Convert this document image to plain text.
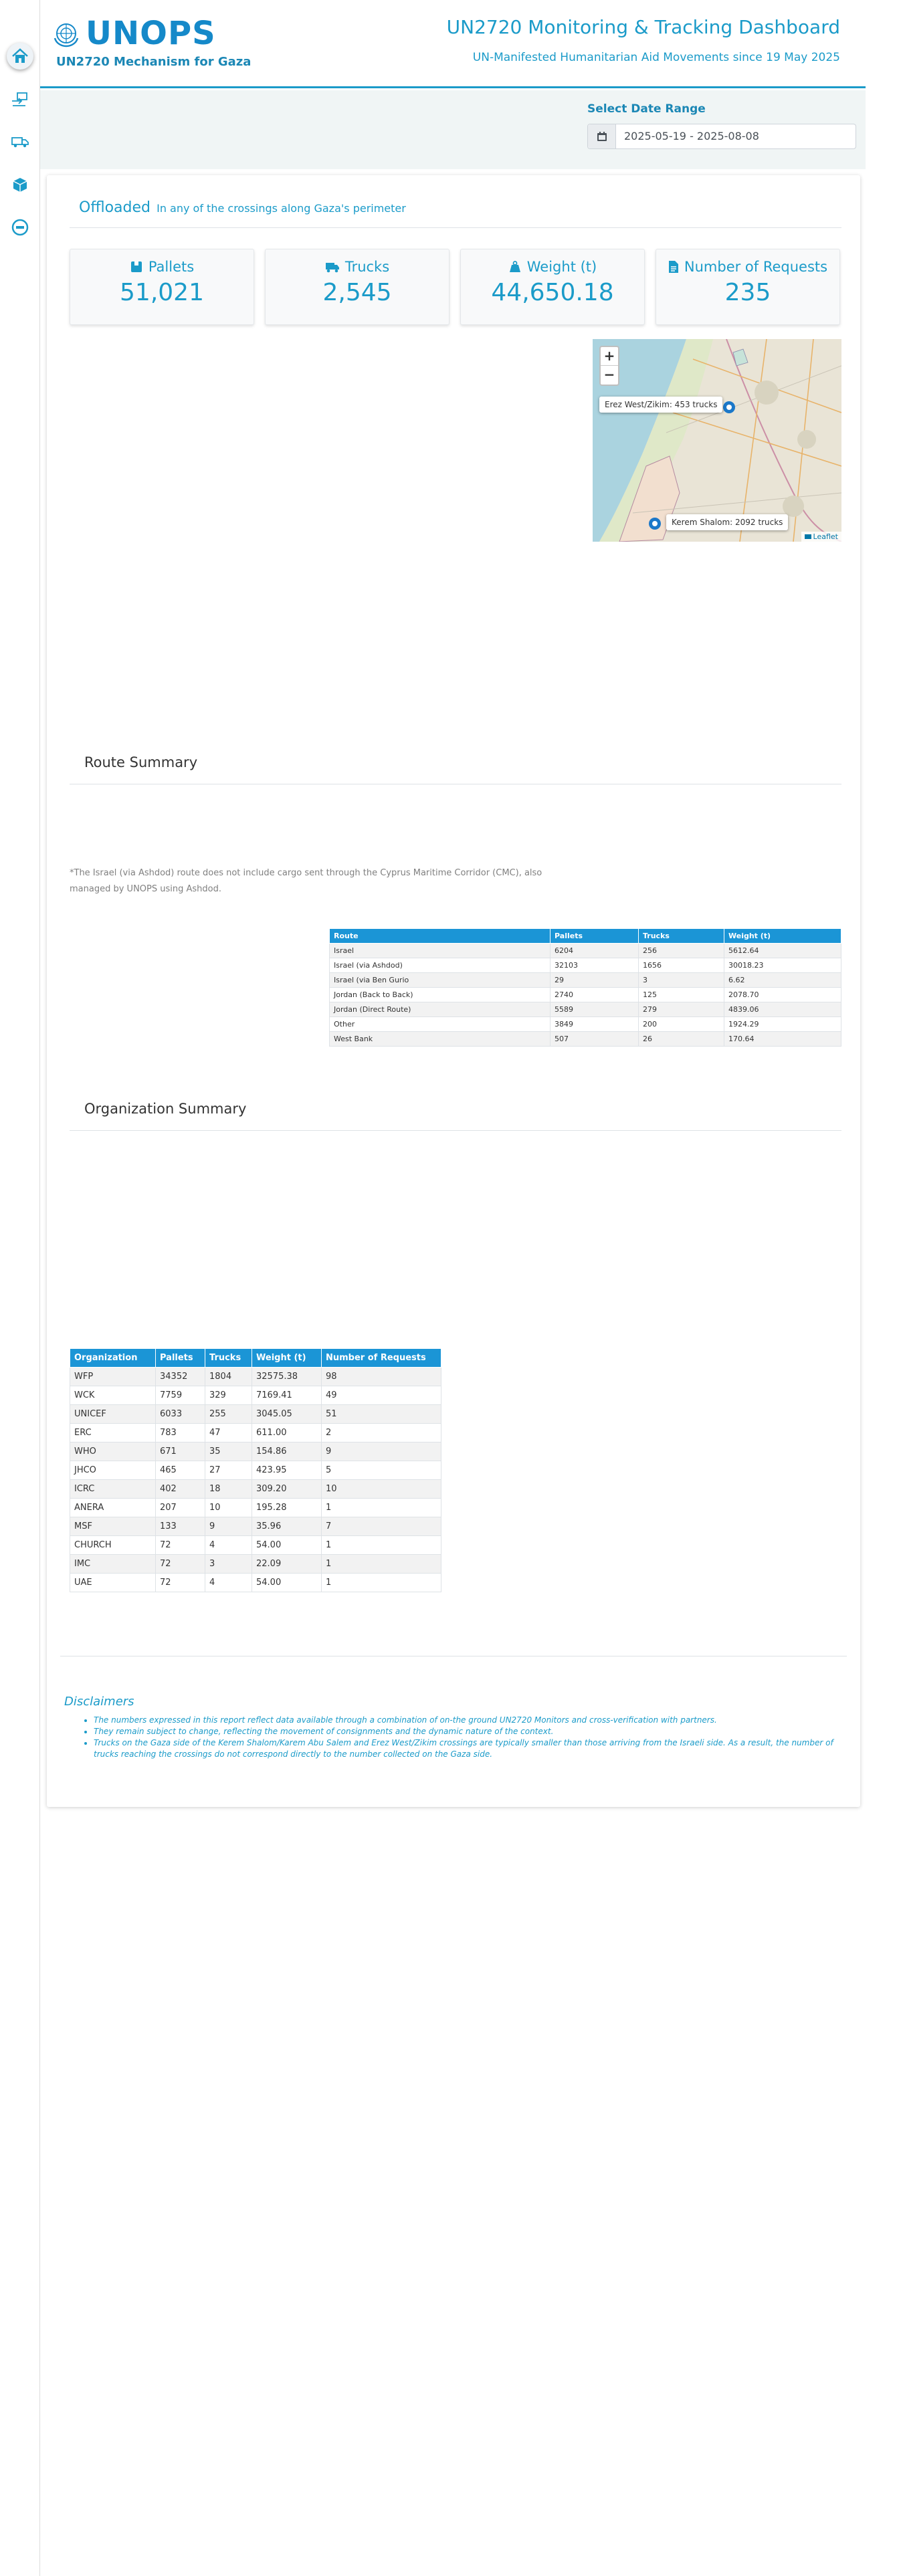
UNOPS
UN2720 Mechanism for Gaza
UN2720 Monitoring & Tracking Dashboard
UN-Manifested Humanitarian Aid Movements since 19 May 2025
Select Date Range
2025-05-19 - 2025-08-08
Offloaded In any of the crossings along Gaza's perimeter
Pallets
51,021
Trucks
2,545
Weight (t)
44,650.18
Number of Requests
235
+
−
Erez West/Zikim: 453 trucks
Kerem Shalom: 2092 trucks
Leaflet
Route Summary

*The Israel (via Ashdod) route does not include cargo sent through the Cyprus Maritime Corridor (CMC), also managed by UNOPS using Ashdod.

Route	Pallets	Trucks	Weight (t)
Israel	6204	256	5612.64
Israel (via Ashdod)	32103	1656	30018.23
Israel (via Ben Gurio	29	3	6.62
Jordan (Back to Back)	2740	125	2078.70
Jordan (Direct Route)	5589	279	4839.06
Other	3849	200	1924.29
West Bank	507	26	170.64
Organization Summary
Organization	Pallets	Trucks	Weight (t)	Number of Requests
WFP	34352	1804	32575.38	98
WCK	7759	329	7169.41	49
UNICEF	6033	255	3045.05	51
ERC	783	47	611.00	2
WHO	671	35	154.86	9
JHCO	465	27	423.95	5
ICRC	402	18	309.20	10
ANERA	207	10	195.28	1
MSF	133	9	35.96	7
CHURCH	72	4	54.00	1
IMC	72	3	22.09	1
UAE	72	4	54.00	1
Disclaimers
• The numbers expressed in this report reflect data available through a combination of on-the ground UN2720 Monitors and cross-verification with partners.
• They remain subject to change, reflecting the movement of consignments and the dynamic nature of the context.
• Trucks on the Gaza side of the Kerem Shalom/Karem Abu Salem and Erez West/Zikim crossings are typically smaller than those arriving from the Israeli side. As a result, the number of trucks reaching the crossings do not correspond directly to the number collected on the Gaza side.
